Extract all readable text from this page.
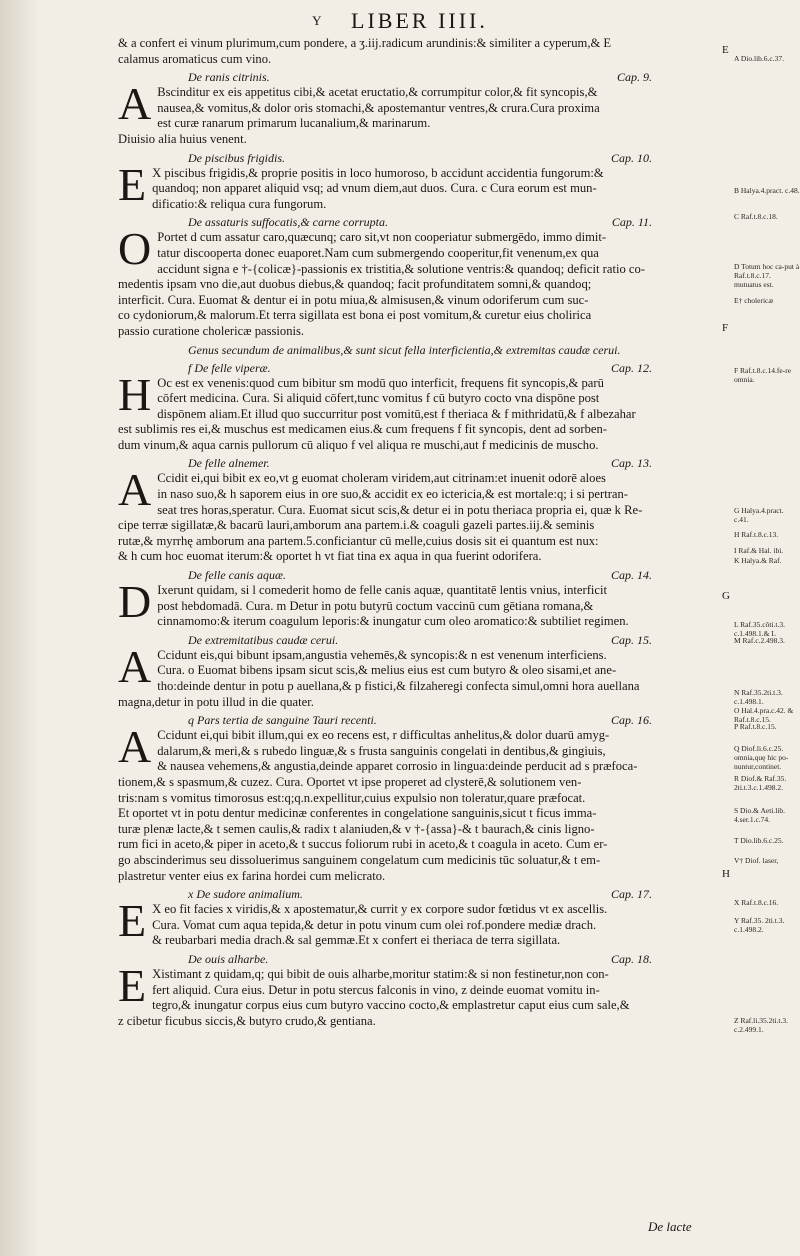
Y LIBER IIII.
& a confert ei vinum plurimum,cum pondere, a ʒ.iij.radicum arundinis:& similiter a cyperum,& E
calamus aromaticus cum vino.
De ranis citrinis.	Cap. 9.
A Bscinditur ex eis appetitus cibi,& acetat eructatio,& corrumpitur color,& fit syncopis,&
nausea,& vomitus,& dolor oris stomachi,& apostemantur ventres,& crura.Cura proxima
est curæ ranarum primarum lucanalium,& marinarum.
Diuisio alia huius venent.
De piscibus frigidis.	Cap. 10.
E X piscibus frigidis,& proprie positis in loco humoroso, b accidunt accidentia fungorum:&
quandoq; non apparet aliquid vsq; ad vnum diem,aut duos. Cura. c Cura eorum est mun-
dificatio:& reliqua cura fungorum.
De assaturis suffocatis,& carne corrupta.	Cap. 11.
O Portet d cum assatur caro,quæcunq; caro sit,vt non cooperiatur submergēdo, immo dimit-
tatur discooperta donec euaporet.Nam cum submergendo cooperitur,fit venenum,ex qua
accidunt signa e †-{colicæ}-passionis ex tristitia,& solutione ventris:& quandoq; deficit ratio co-
medentis ipsam vno die,aut duobus diebus,& quandoq; facit profunditatem somni,& quandoq;
interficit. Cura. Euomat & dentur ei in potu miua,& almisusen,& vinum odoriferum cum suc-
co cydoniorum,& malorum.Et terra sigillata est bona ei post vomitum,& curetur eius cholirica
passio curatione cholericæ passionis.
Genus secundum de animalibus,& sunt sicut fella interficientia,& extremitas caudæ cerui.
f De felle viperæ.	Cap. 12.
H Oc est ex venenis:quod cum bibitur sm modū quo interficit, frequens fit syncopis,& parū
cōfert medicina. Cura. Si aliquid cōfert,tunc vomitus f cū butyro cocto vna dispōne post
dispōnem aliam.Et illud quo succurritur post vomitū,est f theriaca & f mithridatū,& f albezahar
est sublimis res ei,& muschus est medicamen eius.& cum frequens f fit syncopis, dent ad sorben-
dum vinum,& aqua carnis pullorum cū aliquo f vel aliqua re muschi,aut f medicinis de muscho.
De felle alnemer.	Cap. 13.
A Ccidit ei,qui bibit ex eo,vt g euomat choleram viridem,aut citrinam:et inuenit odorē aloes
in naso suo,& h saporem eius in ore suo,& accidit ex eo ictericia,& est mortale:q; i si pertran-
seat tres horas,speratur. Cura. Euomat sicut scis,& detur ei in potu theriaca propria ei, quæ k Re-
cipe terræ sigillatæ,& bacarū lauri,amborum ana partem.i.& coaguli gazeli partes.iij.& seminis
rutæ,& myrrhę amborum ana partem.5.conficiantur cū melle,cuius dosis sit ei quantum est nux:
& h cum hoc euomat iterum:& oportet h vt fiat tina ex aqua in qua fuerint odorifera.
De felle canis aquæ.	Cap. 14.
D Ixerunt quidam, si l comederit homo de felle canis aquæ, quantitatē lentis vnius, interficit
post hebdomadā. Cura. m Detur in potu butyrū coctum vaccinū cum gētiana romana,&
cinnamomo:& iterum coagulum leporis:& inungatur cum oleo aromatico:& subtiliet regimen.
De extremitatibus caudæ cerui.	Cap. 15.
A Ccidunt eis,qui bibunt ipsam,angustia vehemēs,& syncopis:& n est venenum interficiens.
Cura. o Euomat bibens ipsam sicut scis,& melius eius est cum butyro & oleo sisami,et ane-
tho:deinde dentur in potu p auellana,& p fistici,& filzaheregi confecta simul,omni hora auellana
magna,detur in potu illud in die quater.
q Pars tertia de sanguine Tauri recenti.	Cap. 16.
A Ccidunt ei,qui bibit illum,qui ex eo recens est, r difficultas anhelitus,& dolor duarū amyg-
dalarum,& meri,& s rubedo linguæ,& s frusta sanguinis congelati in dentibus,& gingiuis,
& nausea vehemens,& angustia,deinde apparet corrosio in lingua:deinde perducit ad s præfoca-
tionem,& s spasmum,& cuzez. Cura. Oportet vt ipse properet ad clysterē,& solutionem ven-
tris:nam s vomitus timorosus est:q;q.n.expellitur,cuius expulsio non toleratur,quare præfocat.
Et oportet vt in potu dentur medicinæ conferentes in congelatione sanguinis,sicut t ficus imma-
turæ plenæ lacte,& t semen caulis,& radix t alaniuden,& v †-{assa}-& t baurach,& cinis ligno-
rum fici in aceto,& piper in aceto,& t succus foliorum rubi in aceto,& t coagula in aceto. Cum er-
go abscinderimus seu dissoluerimus sanguinem congelatum cum medicinis tūc soluatur,& t em-
plastretur venter eius ex farina hordei cum melicrato.
x De sudore animalium.	Cap. 17.
E X eo fit facies x viridis,& x apostematur,& currit y ex corpore sudor fœtidus vt ex ascellis.
Cura. Vomat cum aqua tepida,& detur in potu vinum cum olei rof.pondere mediæ drach.
& reubarbari media drach.& sal gemmæ.Et x confert ei theriaca de terra sigillata.
De ouis alharbe.	Cap. 18.
E Xistimant z quidam,q; qui bibit de ouis alharbe,moritur statim:& si non festinetur,non con-
fert aliquid. Cura eius. Detur in potu stercus falconis in vino, z deinde euomat vomitu in-
tegro,& inungatur corpus eius cum butyro vaccino cocto,& emplastretur caput eius cum sale,&
z cibetur ficubus siccis,& butyro crudo,& gentiana.
A Dio.lib.6.c.37.
B Halya.4.pract. c.48.
C Raf.t.8.c.18.
D Totum hoc ca-put à Raf.t.8.c.17. mutuatus est.
E† cholericæ
F Raf.t.8.c.14.fe-re omnia.
G Halya.4.pract. c.41.
H Raf.t.8.c.13.
I Raf.& Hal. ibi.
K Halya.& Raf.
L Raf.35.côti.t.3. c.1.498.1.& L
M Raf.c.2.498.3.
N Raf.35.2ti.t.3. c.1.498.1.
O Hal.4.pra.c.42. & Raf.t.8.c.15.
P Raf.t.8.c.15.
Q Diof.li.6.c.25. omnia,quę hic po-nuntur,continet.
R Diof.& Raf.35. 2ti.t.3.c.1.498.2.
S Dio.& Aeti.lib. 4.ser.1.c.74.
T Dio.lib.6.c.25.
V† Diof. laser,
X Raf.t.8.c.16.
Y Raf.35. 2ti.t.3. c.1.498.2.
Z Raf.li.35.2ti.t.3. c.2.499.1.
De lacte
E
F
G
H
